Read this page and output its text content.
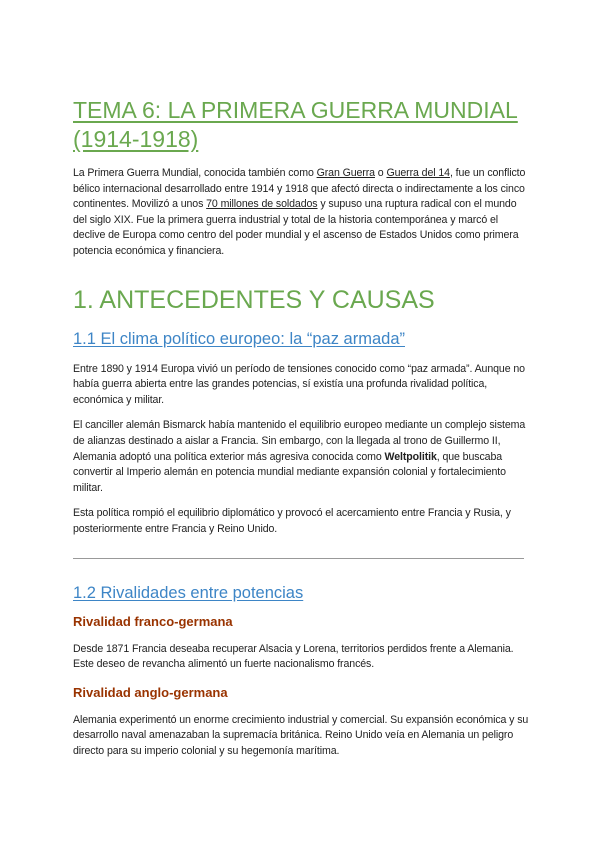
TEMA 6: LA PRIMERA GUERRA MUNDIAL (1914-1918)

La Primera Guerra Mundial, conocida también como Gran Guerra o Guerra del 14, fue un conflicto bélico internacional desarrollado entre 1914 y 1918 que afectó directa o indirectamente a los cinco continentes. Movilizó a unos 70 millones de soldados y supuso una ruptura radical con el mundo del siglo XIX. Fue la primera guerra industrial y total de la historia contemporánea y marcó el declive de Europa como centro del poder mundial y el ascenso de Estados Unidos como primera potencia económica y financiera.

1. ANTECEDENTES Y CAUSAS
1.1 El clima político europeo: la “paz armada”

Entre 1890 y 1914 Europa vivió un período de tensiones conocido como “paz armada”. Aunque no había guerra abierta entre las grandes potencias, sí existía una profunda rivalidad política, económica y militar.

El canciller alemán Bismarck había mantenido el equilibrio europeo mediante un complejo sistema de alianzas destinado a aislar a Francia. Sin embargo, con la llegada al trono de Guillermo II, Alemania adoptó una política exterior más agresiva conocida como Weltpolitik, que buscaba convertir al Imperio alemán en potencia mundial mediante expansión colonial y fortalecimiento militar.

Esta política rompió el equilibrio diplomático y provocó el acercamiento entre Francia y Rusia, y posteriormente entre Francia y Reino Unido.

1.2 Rivalidades entre potencias
Rivalidad franco-germana

Desde 1871 Francia deseaba recuperar Alsacia y Lorena, territorios perdidos frente a Alemania. Este deseo de revancha alimentó un fuerte nacionalismo francés.

Rivalidad anglo-germana

Alemania experimentó un enorme crecimiento industrial y comercial. Su expansión económica y su desarrollo naval amenazaban la supremacía británica. Reino Unido veía en Alemania un peligro directo para su imperio colonial y su hegemonía marítima.
